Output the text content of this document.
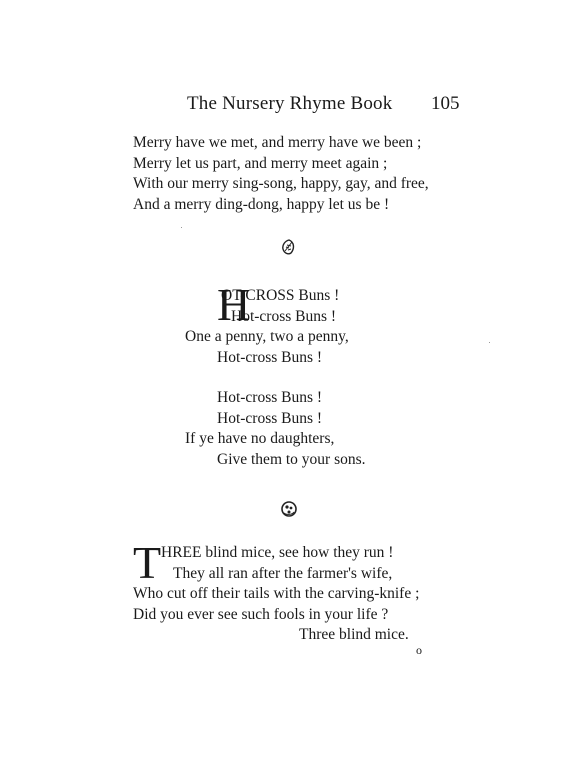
The Nursery Rhyme Book 105
Merry have we met, and merry have we been ;
Merry let us part, and merry meet again ;
With our merry sing-song, happy, gay, and free,
And a merry ding-dong, happy let us be !
H
OT-CROSS Buns !
Hot-cross Buns !
One a penny, two a penny,
Hot-cross Buns !
Hot-cross Buns !
Hot-cross Buns !
If ye have no daughters,
Give them to your sons.
T HREE blind mice, see how they run !
They all ran after the farmer's wife,
Who cut off their tails with the carving-knife ;
Did you ever see such fools in your life ?
Three blind mice.
o
